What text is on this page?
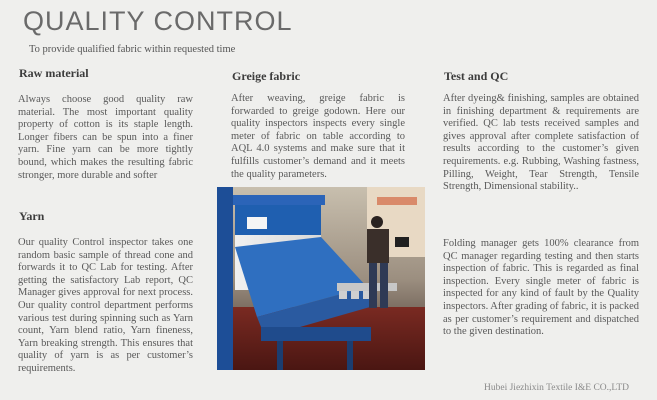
QUALITY CONTROL
To provide qualified fabric within requested time
Raw material
Always choose good quality raw material. The most important quality property of cotton is its staple length. Longer fibers can be spun into a finer yarn. Fine yarn can be more tightly bound, which makes the resulting fabric stronger, more durable and softer
Yarn
Our quality Control inspector takes one random basic sample of thread cone and forwards it to QC Lab for testing. After getting the satisfactory Lab report, QC Manager gives approval for next process. Our quality control department performs various test during spinning such as Yarn count, Yarn blend ratio, Yarn fineness, Yarn breaking strength. This ensures that quality of yarn is as per customer’s requirements.
Greige fabric
After weaving, greige fabric is forwarded to greige godown. Here our quality inspectors inspects every single meter of fabric on table according to AQL 4.0 systems and make sure that it fulfills customer’s demand and it meets the quality parameters.
Test and QC
After dyeing& finishing, samples are obtained in finishing department & requirements are verified. QC lab tests received samples and gives approval after complete satisfaction of results according to the customer’s given requirements. e.g. Rubbing, Washing fastness, Pilling, Weight, Tear Strength, Tensile Strength, Dimensional stability..
Folding manager gets 100% clearance from QC manager regarding testing and then starts inspection of fabric. This is regarded as final inspection. Every single meter of fabric is inspected for any kind of fault by the Quality inspectors. After grading of fabric, it is packed as per customer’s requirement and dispatched to the given destination.
Hubei Jiezhixin Textile I&E CO.,LTD
